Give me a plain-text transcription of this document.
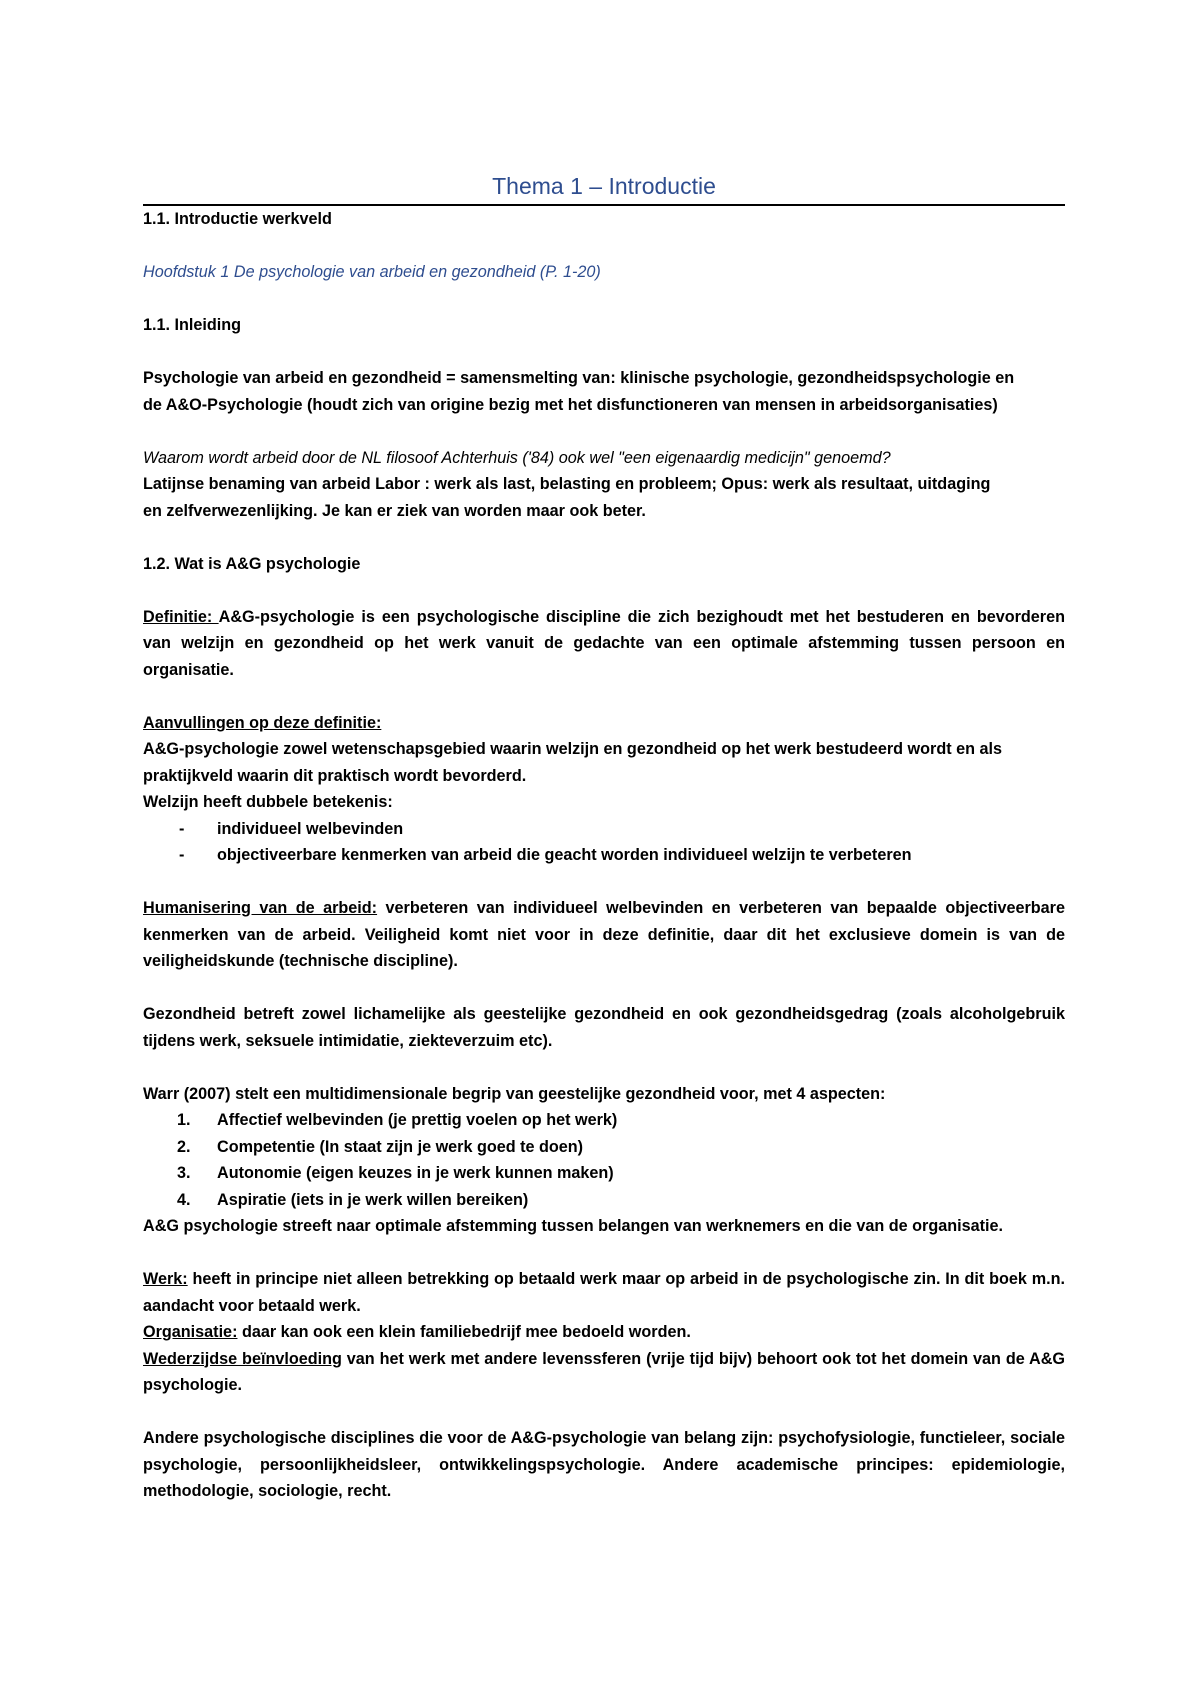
Thema 1 – Introductie

1.1. Introductie werkveld

Hoofdstuk 1 De psychologie van arbeid en gezondheid (P. 1-20)

1.1. Inleiding

Psychologie van arbeid en gezondheid = samensmelting van: klinische psychologie, gezondheidspsychologie en

de A&O-Psychologie (houdt zich van origine bezig met het disfunctioneren van mensen in arbeidsorganisaties)

Waarom wordt arbeid door de NL filosoof Achterhuis ('84) ook wel "een eigenaardig medicijn" genoemd?

Latijnse benaming van arbeid Labor : werk als last, belasting en probleem; Opus: werk als resultaat, uitdaging

en zelfverwezenlijking. Je kan er ziek van worden maar ook beter.

1.2. Wat is A&G psychologie

Definitie: A&G-psychologie is een psychologische discipline die zich bezighoudt met het bestuderen en bevorderen van welzijn en gezondheid op het werk vanuit de gedachte van een optimale afstemming tussen persoon en organisatie.

Aanvullingen op deze definitie:

A&G-psychologie zowel wetenschapsgebied waarin welzijn en gezondheid op het werk bestudeerd wordt en als praktijkveld waarin dit praktisch wordt bevorderd.

Welzijn heeft dubbele betekenis:

- individueel welbevinden
- objectiveerbare kenmerken van arbeid die geacht worden individueel welzijn te verbeteren

Humanisering van de arbeid: verbeteren van individueel welbevinden en verbeteren van bepaalde objectiveerbare kenmerken van de arbeid. Veiligheid komt niet voor in deze definitie, daar dit het exclusieve domein is van de veiligheidskunde (technische discipline).

Gezondheid betreft zowel lichamelijke als geestelijke gezondheid en ook gezondheidsgedrag (zoals alcoholgebruik tijdens werk, seksuele intimidatie, ziekteverzuim etc).

Warr (2007) stelt een multidimensionale begrip van geestelijke gezondheid voor, met 4 aspecten:

1. Affectief welbevinden (je prettig voelen op het werk)
2. Competentie (In staat zijn je werk goed te doen)
3. Autonomie (eigen keuzes in je werk kunnen maken)
4. Aspiratie (iets in je werk willen bereiken)

A&G psychologie streeft naar optimale afstemming tussen belangen van werknemers en die van de organisatie.

Werk: heeft in principe niet alleen betrekking op betaald werk maar op arbeid in de psychologische zin. In dit boek m.n. aandacht voor betaald werk.

Organisatie: daar kan ook een klein familiebedrijf mee bedoeld worden.

Wederzijdse beïnvloeding van het werk met andere levenssferen (vrije tijd bijv) behoort ook tot het domein van de A&G psychologie.

Andere psychologische disciplines die voor de A&G-psychologie van belang zijn: psychofysiologie, functieleer, sociale psychologie, persoonlijkheidsleer, ontwikkelingspsychologie. Andere academische principes: epidemiologie, methodologie, sociologie, recht.
